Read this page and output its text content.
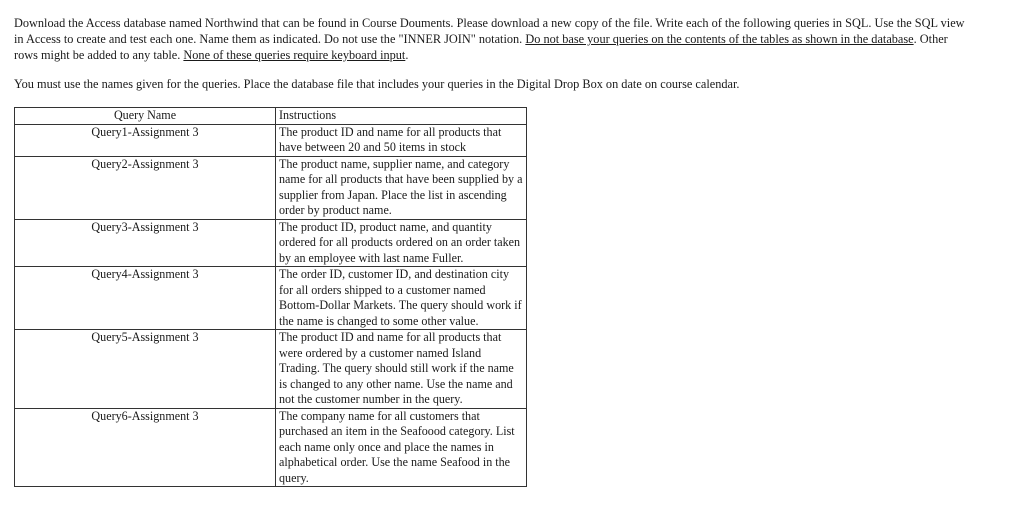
Download the Access database named Northwind that can be found in Course Douments. Please download a new copy of the file. Write each of the following queries in SQL. Use the SQL view in Access to create and test each one. Name them as indicated. Do not use the "INNER JOIN" notation. Do not base your queries on the contents of the tables as shown in the database. Other rows might be added to any table. None of these queries require keyboard input.

You must use the names given for the queries. Place the database file that includes your queries in the Digital Drop Box on date on course calendar.

Query Name	Instructions
Query1-Assignment 3	The product ID and name for all products that have between 20 and 50 items in stock
Query2-Assignment 3	The product name, supplier name, and category name for all products that have been supplied by a supplier from Japan. Place the list in ascending order by product name.
Query3-Assignment 3	The product ID, product name, and quantity ordered for all products ordered on an order taken by an employee with last name Fuller.
Query4-Assignment 3	The order ID, customer ID, and destination city for all orders shipped to a customer named Bottom-Dollar Markets. The query should work if the name is changed to some other value.
Query5-Assignment 3	The product ID and name for all products that were ordered by a customer named Island Trading. The query should still work if the name is changed to any other name. Use the name and not the customer number in the query.
Query6-Assignment 3	The company name for all customers that purchased an item in the Seafoood category. List each name only once and place the names in alphabetical order. Use the name Seafood in the query.
